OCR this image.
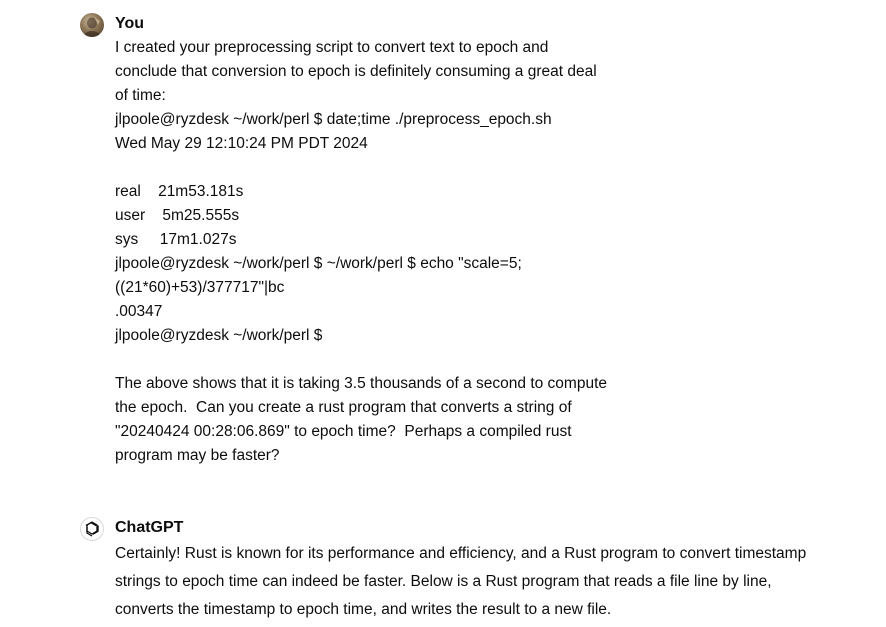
You
I created your preprocessing script to convert text to epoch and
conclude that conversion to epoch is definitely consuming a great deal
of time:
jlpoole@ryzdesk ~/work/perl $ date;time ./preprocess_epoch.sh
Wed May 29 12:10:24 PM PDT 2024
real    21m53.181s
user    5m25.555s
sys     17m1.027s
jlpoole@ryzdesk ~/work/perl $ ~/work/perl $ echo "scale=5;
((21*60)+53)/377717"|bc
.00347
jlpoole@ryzdesk ~/work/perl $
The above shows that it is taking 3.5 thousands of a second to compute
the epoch.  Can you create a rust program that converts a string of
"20240424 00:28:06.869" to epoch time?  Perhaps a compiled rust
program may be faster?
ChatGPT
Certainly! Rust is known for its performance and efficiency, and a Rust program to convert timestamp
strings to epoch time can indeed be faster. Below is a Rust program that reads a file line by line,
converts the timestamp to epoch time, and writes the result to a new file.
